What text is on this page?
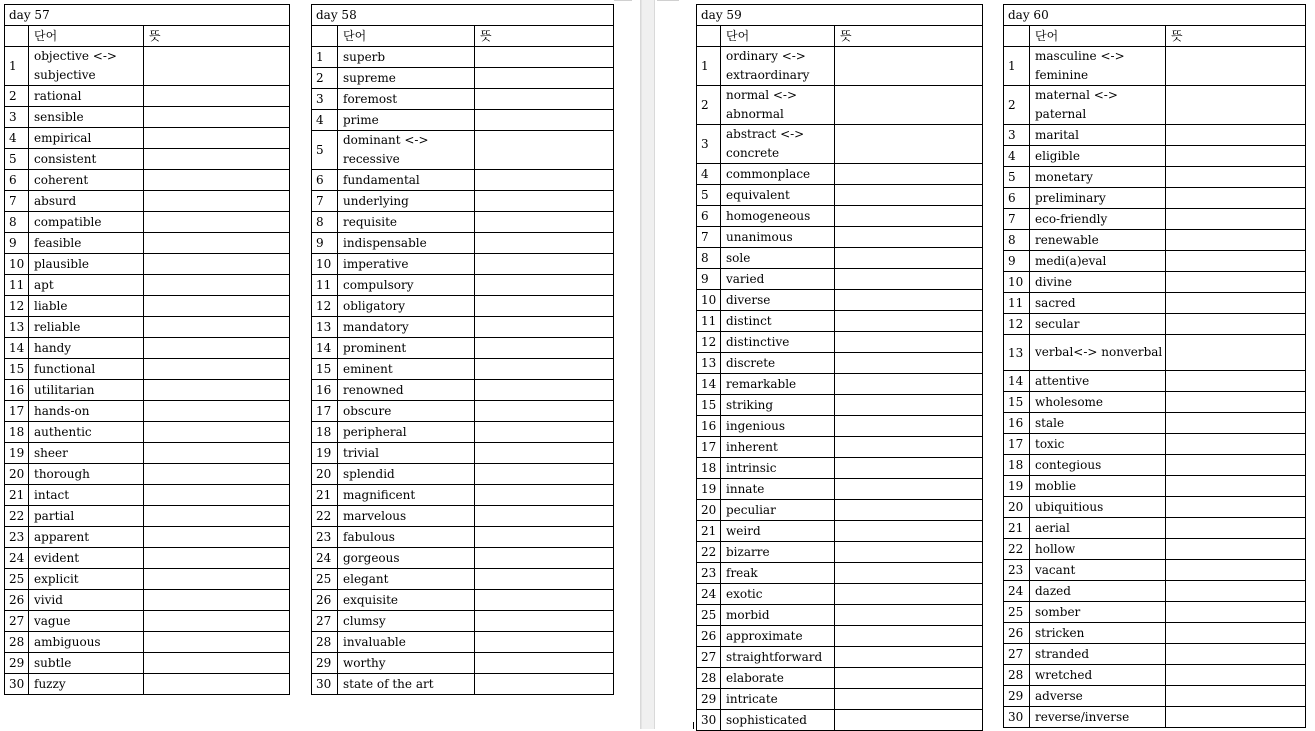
day 57		
	단어	뜻
1	objective <-> subjective	
2	rational	
3	sensible	
4	empirical	
5	consistent	
6	coherent	
7	absurd	
8	compatible	
9	feasible	
10	plausible	
11	apt	
12	liable	
13	reliable	
14	handy	
15	functional	
16	utilitarian	
17	hands-on	
18	authentic	
19	sheer	
20	thorough	
21	intact	
22	partial	
23	apparent	
24	evident	
25	explicit	
26	vivid	
27	vague	
28	ambiguous	
29	subtle	
30	fuzzy	
day 58		
	단어	뜻
1	superb	
2	supreme	
3	foremost	
4	prime	
5	dominant <-> recessive	
6	fundamental	
7	underlying	
8	requisite	
9	indispensable	
10	imperative	
11	compulsory	
12	obligatory	
13	mandatory	
14	prominent	
15	eminent	
16	renowned	
17	obscure	
18	peripheral	
19	trivial	
20	splendid	
21	magnificent	
22	marvelous	
23	fabulous	
24	gorgeous	
25	elegant	
26	exquisite	
27	clumsy	
28	invaluable	
29	worthy	
30	state of the art	
day 59		
	단어	뜻
1	ordinary <-> extraordinary	
2	normal <-> abnormal	
3	abstract <-> concrete	
4	commonplace	
5	equivalent	
6	homogeneous	
7	unanimous	
8	sole	
9	varied	
10	diverse	
11	distinct	
12	distinctive	
13	discrete	
14	remarkable	
15	striking	
16	ingenious	
17	inherent	
18	intrinsic	
19	innate	
20	peculiar	
21	weird	
22	bizarre	
23	freak	
24	exotic	
25	morbid	
26	approximate	
27	straightforward	
28	elaborate	
29	intricate	
30	sophisticated	
day 60		
	단어	뜻
1	masculine <-> feminine	
2	maternal <-> paternal	
3	marital	
4	eligible	
5	monetary	
6	preliminary	
7	eco-friendly	
8	renewable	
9	medi(a)eval	
10	divine	
11	sacred	
12	secular	
13	verbal<-> nonverbal	
14	attentive	
15	wholesome	
16	stale	
17	toxic	
18	contegious	
19	moblie	
20	ubiquitious	
21	aerial	
22	hollow	
23	vacant	
24	dazed	
25	somber	
26	stricken	
27	stranded	
28	wretched	
29	adverse	
30	reverse/inverse	
